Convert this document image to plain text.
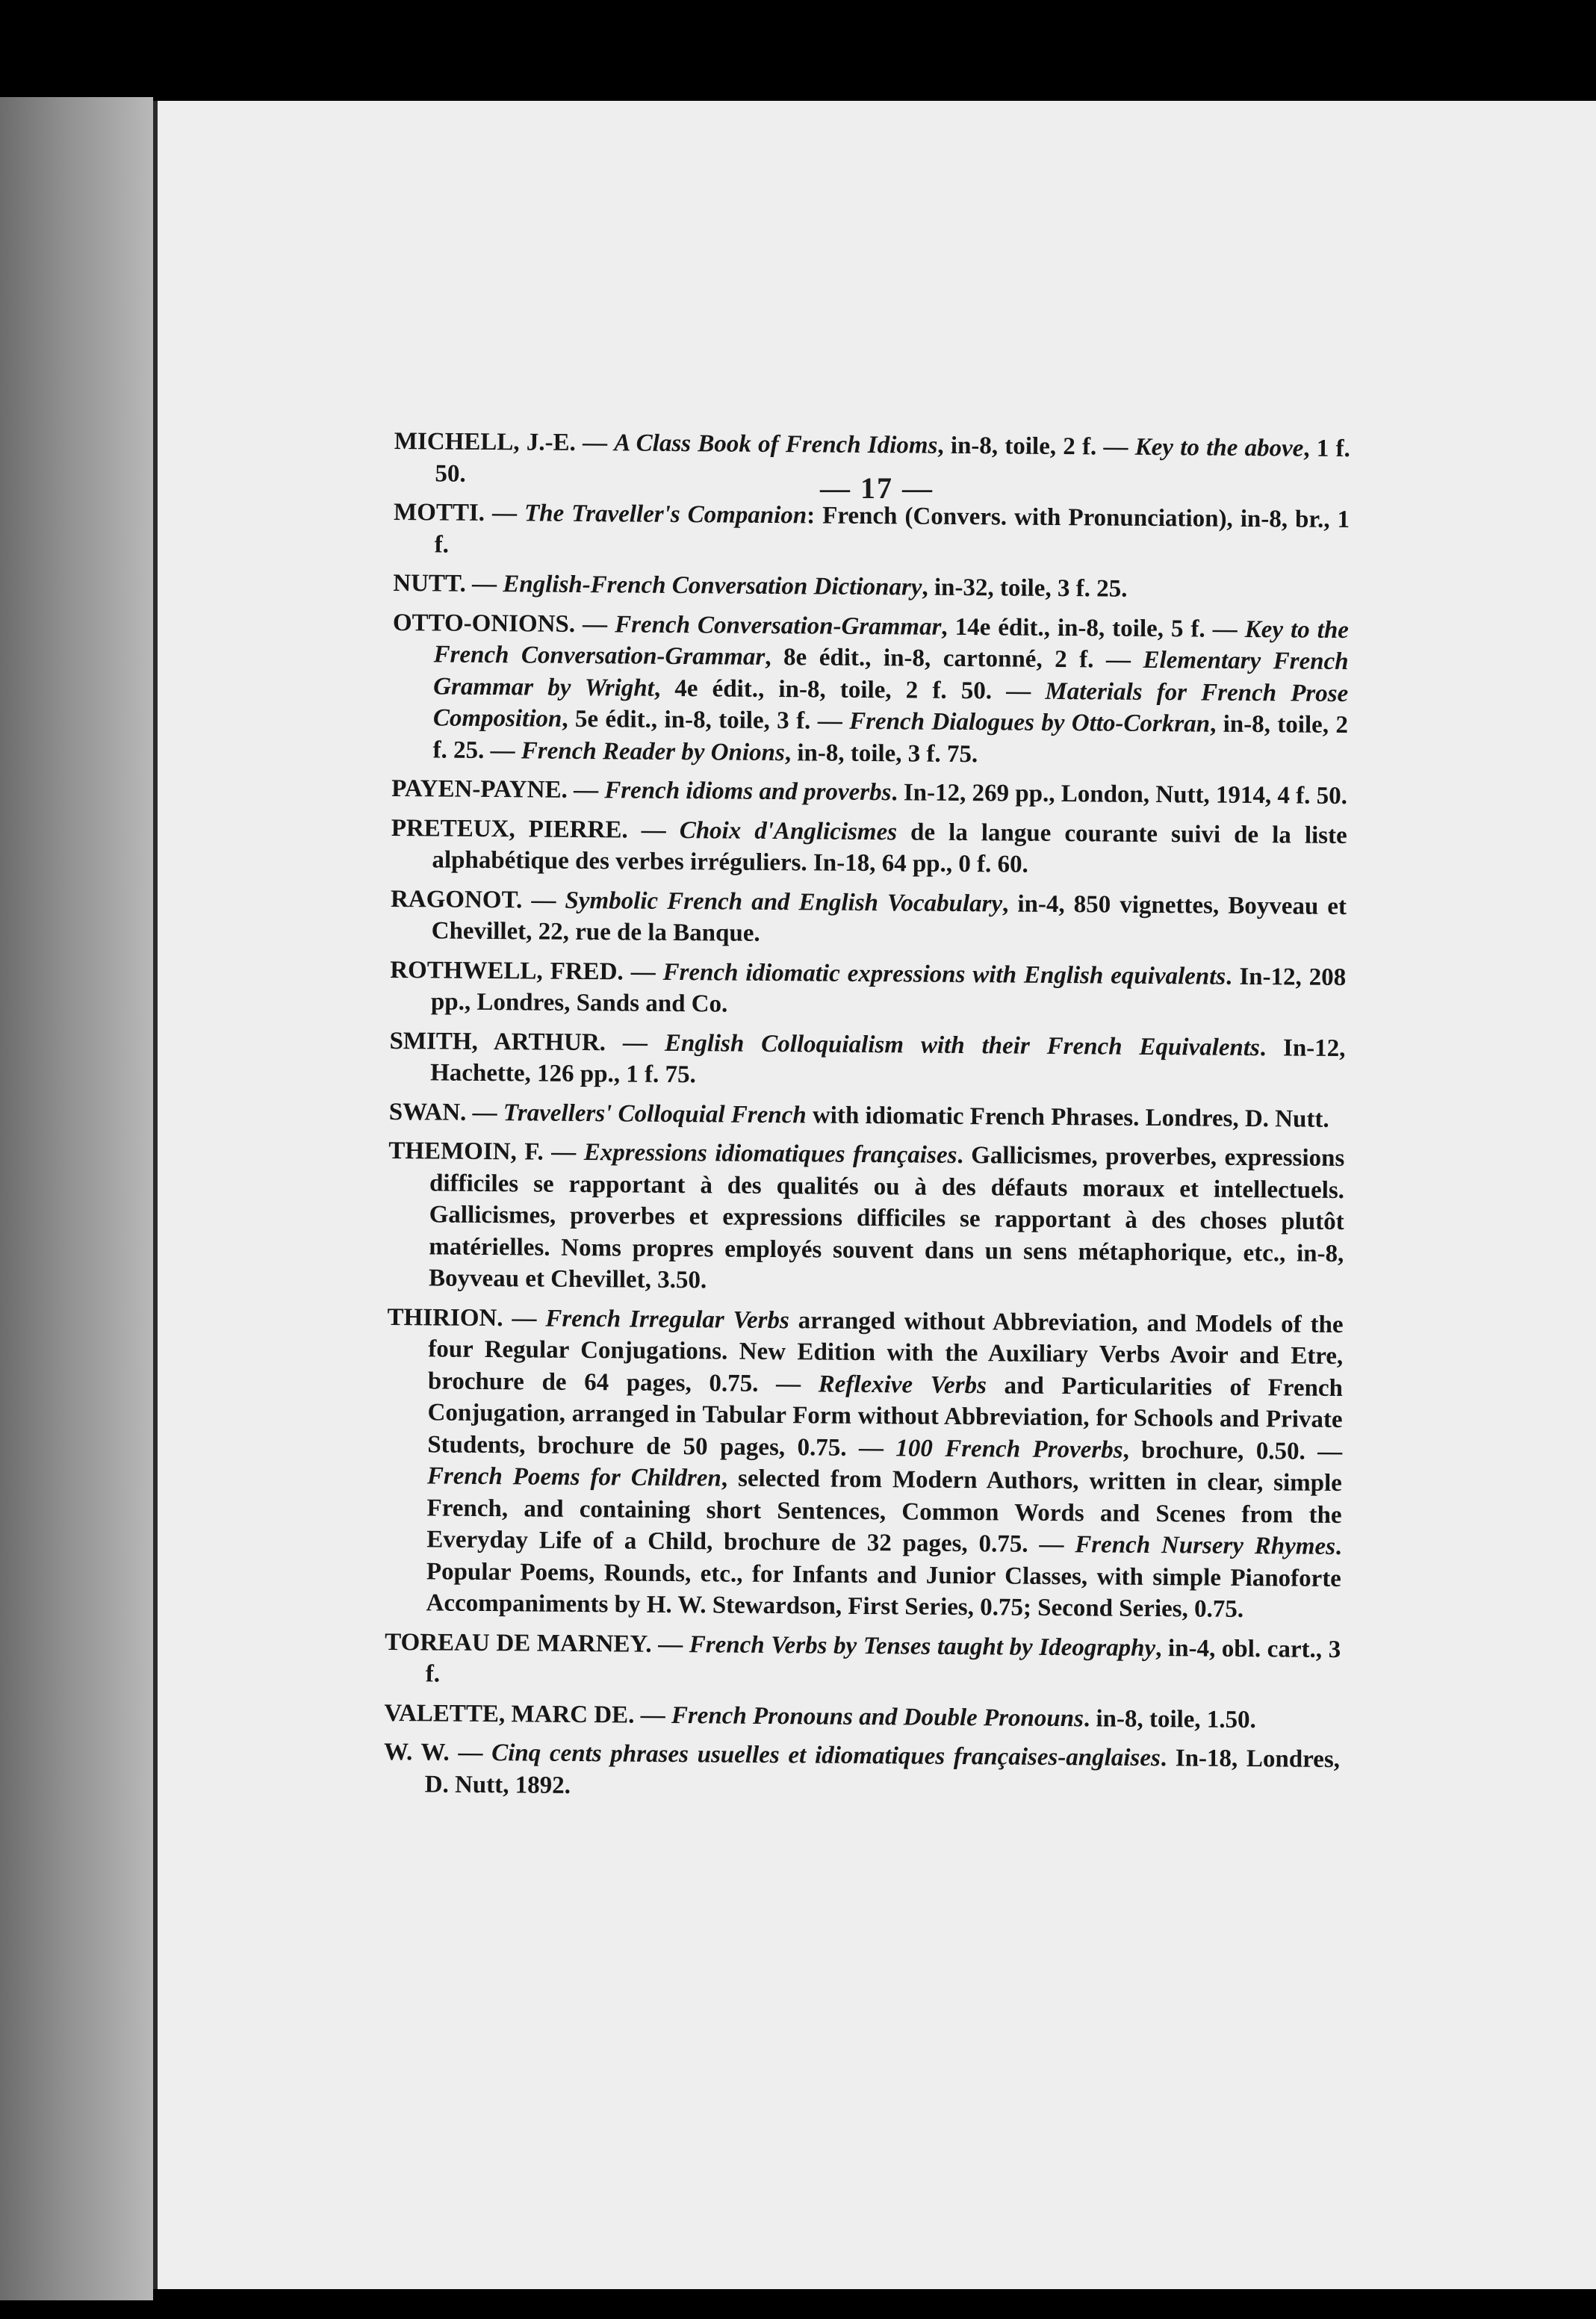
— 17 —

MICHELL, J.-E. — A Class Book of French Idioms, in-8, toile, 2 f. — Key to the above, 1 f. 50.

MOTTI. — The Traveller's Companion: French (Convers. with Pronunciation), in-8, br., 1 f.

NUTT. — English-French Conversation Dictionary, in-32, toile, 3 f. 25.

OTTO-ONIONS. — French Conversation-Grammar, 14e édit., in-8, toile, 5 f. — Key to the French Conversation-Grammar, 8e édit., in-8, cartonné, 2 f. — Elementary French Grammar by Wright, 4e édit., in-8, toile, 2 f. 50. — Materials for French Prose Composition, 5e édit., in-8, toile, 3 f. — French Dialogues by Otto-Corkran, in-8, toile, 2 f. 25. — French Reader by Onions, in-8, toile, 3 f. 75.

PAYEN-PAYNE. — French idioms and proverbs. In-12, 269 pp., London, Nutt, 1914, 4 f. 50.

PRETEUX, PIERRE. — Choix d'Anglicismes de la langue courante suivi de la liste alphabétique des verbes irréguliers. In-18, 64 pp., 0 f. 60.

RAGONOT. — Symbolic French and English Vocabulary, in-4, 850 vignettes, Boyveau et Chevillet, 22, rue de la Banque.

ROTHWELL, FRED. — French idiomatic expressions with English equivalents. In-12, 208 pp., Londres, Sands and Co.

SMITH, ARTHUR. — English Colloquialism with their French Equivalents. In-12, Hachette, 126 pp., 1 f. 75.

SWAN. — Travellers' Colloquial French with idiomatic French Phrases. Londres, D. Nutt.

THEMOIN, F. — Expressions idiomatiques françaises. Gallicismes, proverbes, expressions difficiles se rapportant à des qualités ou à des défauts moraux et intellectuels. Gallicismes, proverbes et expressions difficiles se rapportant à des choses plutôt matérielles. Noms propres employés souvent dans un sens métaphorique, etc., in-8, Boyveau et Chevillet, 3.50.

THIRION. — French Irregular Verbs arranged without Abbreviation, and Models of the four Regular Conjugations. New Edition with the Auxiliary Verbs Avoir and Etre, brochure de 64 pages, 0.75. — Reflexive Verbs and Particularities of French Conjugation, arranged in Tabular Form without Abbreviation, for Schools and Private Students, brochure de 50 pages, 0.75. — 100 French Proverbs, brochure, 0.50. — French Poems for Children, selected from Modern Authors, written in clear, simple French, and containing short Sentences, Common Words and Scenes from the Everyday Life of a Child, brochure de 32 pages, 0.75. — French Nursery Rhymes. Popular Poems, Rounds, etc., for Infants and Junior Classes, with simple Pianoforte Accompaniments by H. W. Stewardson, First Series, 0.75; Second Series, 0.75.

TOREAU DE MARNEY. — French Verbs by Tenses taught by Ideography, in-4, obl. cart., 3 f.

VALETTE, MARC DE. — French Pronouns and Double Pronouns. in-8, toile, 1.50.

W. W. — Cinq cents phrases usuelles et idiomatiques françaises-anglaises. In-18, Londres, D. Nutt, 1892.
